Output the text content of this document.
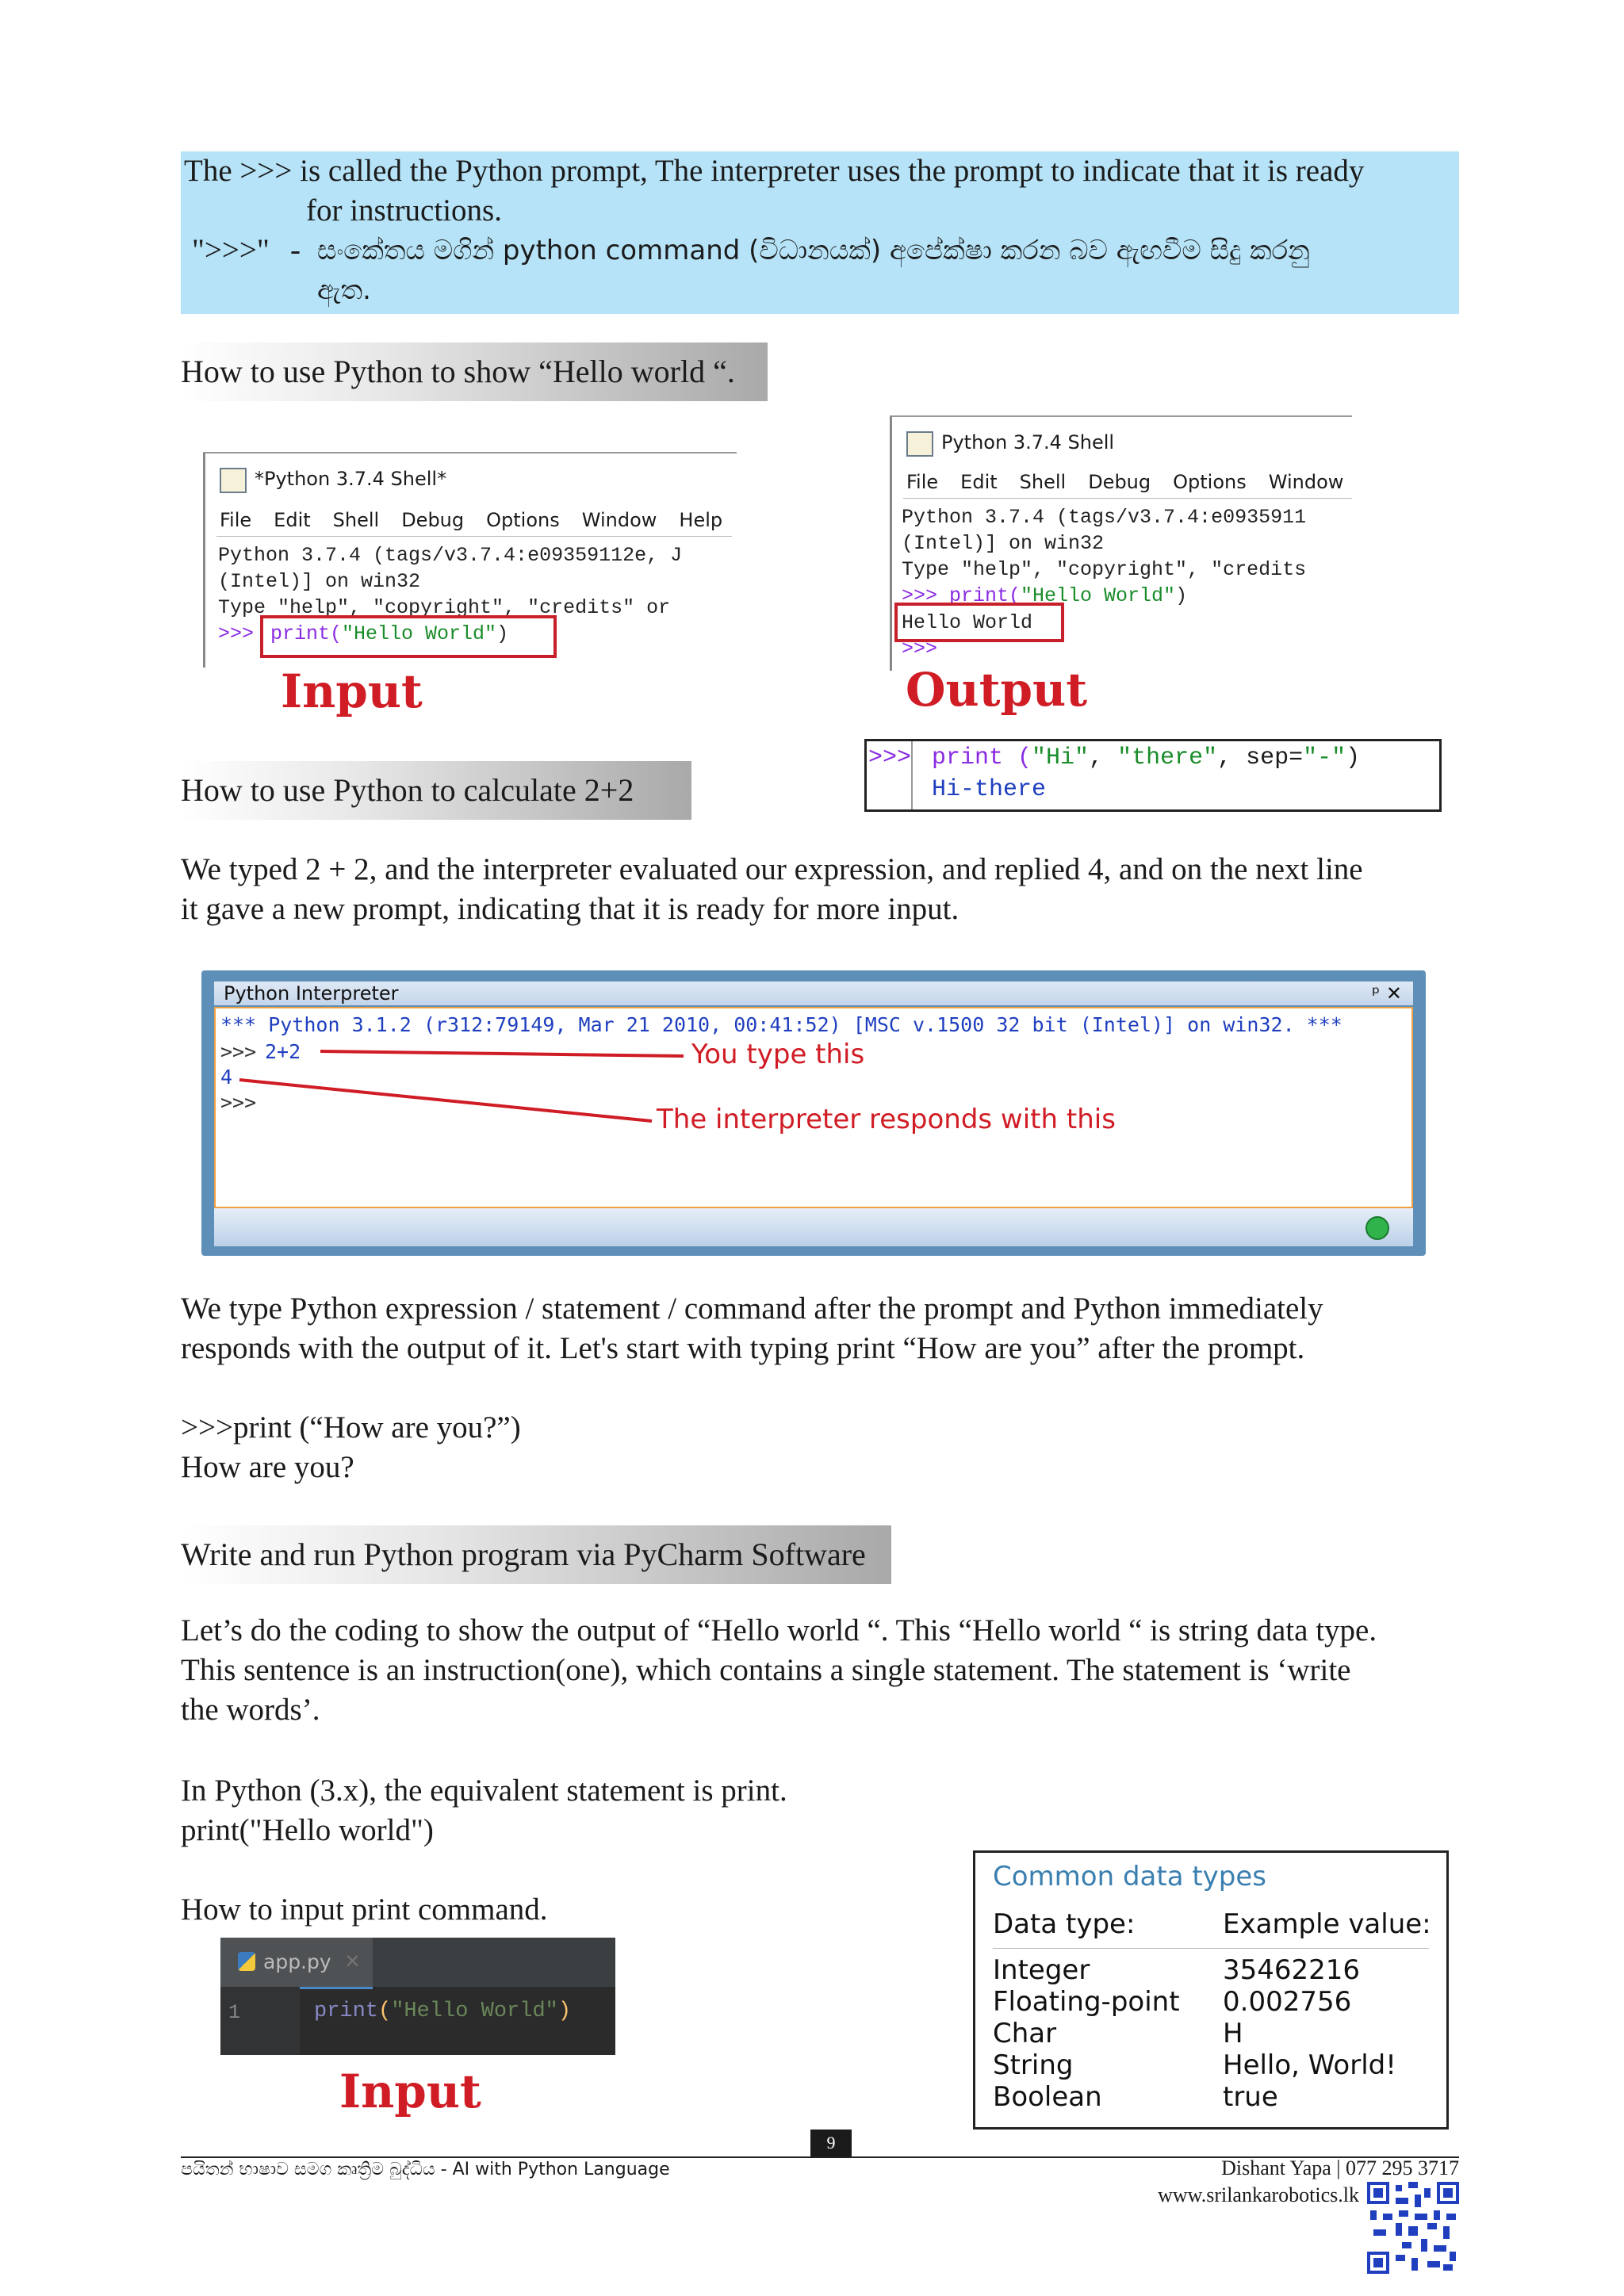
The >>> is called the Python prompt, The interpreter uses the prompt to indicate that it is ready
for instructions.
">>>" - සංකේතය මගින් python command (විධානයක්) අපේක්ෂා කරන බව ඇඟවීම සිදු කරනු
ඇත.
How to use Python to show “Hello world “.
*Python 3.7.4 Shell*
File Edit Shell Debug Options Window Help
Python 3.7.4 (tags/v3.7.4:e09359112e, J
(Intel)] on win32
Type "help", "copyright", "credits" or
>>> print("Hello World")
Input
Python 3.7.4 Shell
File Edit Shell Debug Options Window
Python 3.7.4 (tags/v3.7.4:e0935911
(Intel)] on win32
Type "help", "copyright", "credits
>>> print("Hello World")
Hello World
>>>
Output
>>> print ("Hi", "there", sep="-")
Hi-there
How to use Python to calculate 2+2
We typed 2 + 2, and the interpreter evaluated our expression, and replied 4, and on the next line
it gave a new prompt, indicating that it is ready for more input.
Python Interpreter	ᵖ ✕
*** Python 3.1.2 (r312:79149, Mar 21 2010, 00:41:52) [MSC v.1500 32 bit (Intel)] on win32. ***
>>> 2+2
4
>>>
You type this
The interpreter responds with this
We type Python expression / statement / command after the prompt and Python immediately
responds with the output of it. Let's start with typing print “How are you” after the prompt.
>>>print (“How are you?”)
How are you?
Write and run Python program via PyCharm Software
Let’s do the coding to show the output of “Hello world “. This “Hello world “ is string data type.
This sentence is an instruction(one), which contains a single statement. The statement is ‘write
the words’.
In Python (3.x), the equivalent statement is print.
print("Hello world")
How to input print command.
app.py ×
1	print("Hello World")
Input
Common data types
Data type:	Example value:
Integer	35462216
Floating-point 0.002756
Char	H
String	Hello, World!
Boolean	true
9
පයිතන් භාෂාව සමග කෘත්‍රිම බුද්ධිය - AI with Python Language	Dishant Yapa | 077 295 3717
www.srilankarobotics.lk
